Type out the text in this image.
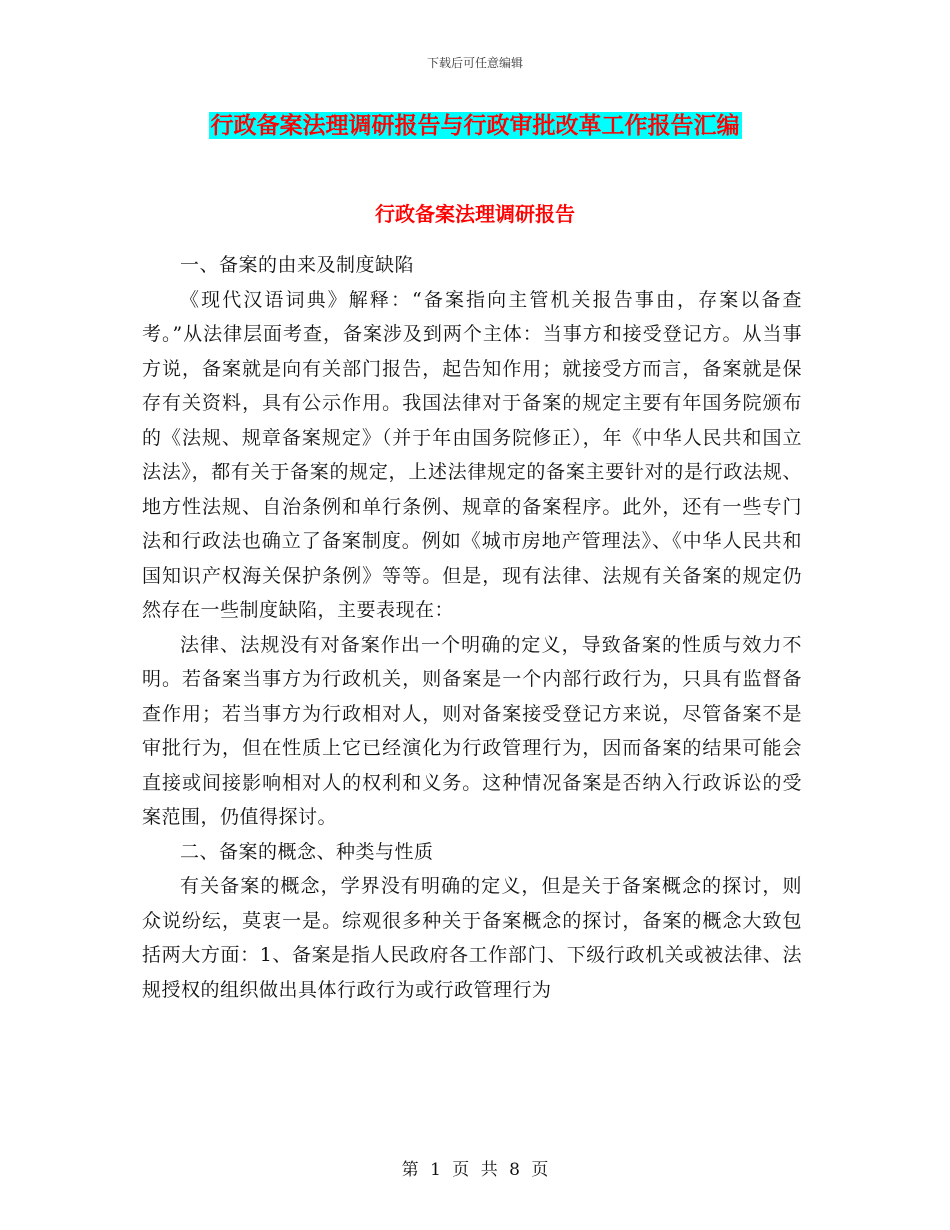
下载后可任意编辑
行政备案法理调研报告与行政审批改革工作报告汇编
行政备案法理调研报告

一、备案的由来及制度缺陷

《现代汉语词典》解释：“备案指向主管机关报告事由，存案以备查考。”从法律层面考查，备案涉及到两个主体：当事方和接受登记方。从当事方说，备案就是向有关部门报告，起告知作用；就接受方而言，备案就是保存有关资料，具有公示作用。我国法律对于备案的规定主要有年国务院颁布的《法规、规章备案规定》（并于年由国务院修正），年《中华人民共和国立法法》，都有关于备案的规定，上述法律规定的备案主要针对的是行政法规、地方性法规、自治条例和单行条例、规章的备案程序。此外，还有一些专门法和行政法也确立了备案制度。例如《城市房地产管理法》、《中华人民共和国知识产权海关保护条例》等等。但是，现有法律、法规有关备案的规定仍然存在一些制度缺陷，主要表现在：

法律、法规没有对备案作出一个明确的定义，导致备案的性质与效力不明。若备案当事方为行政机关，则备案是一个内部行政行为，只具有监督备查作用；若当事方为行政相对人，则对备案接受登记方来说，尽管备案不是审批行为，但在性质上它已经演化为行政管理行为，因而备案的结果可能会直接或间接影响相对人的权利和义务。这种情况备案是否纳入行政诉讼的受案范围，仍值得探讨。

二、备案的概念、种类与性质

有关备案的概念，学界没有明确的定义，但是关于备案概念的探讨，则众说纷纭，莫衷一是。综观很多种关于备案概念的探讨，备案的概念大致包括两大方面：1、备案是指人民政府各工作部门、下级行政机关或被法律、法规授权的组织做出具体行政行为或行政管理行为

第 1 页 共 8 页
